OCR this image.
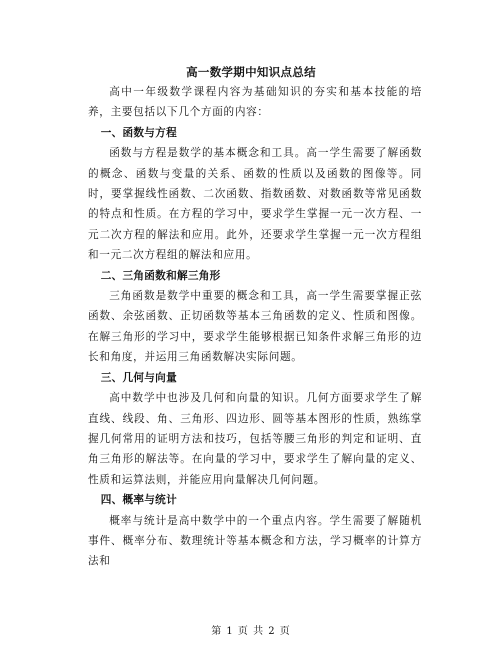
高一数学期中知识点总结

高中一年级数学课程内容为基础知识的夯实和基本技能的培养，主要包括以下几个方面的内容：

一、函数与方程

函数与方程是数学的基本概念和工具。高一学生需要了解函数的概念、函数与变量的关系、函数的性质以及函数的图像等。同时，要掌握线性函数、二次函数、指数函数、对数函数等常见函数的特点和性质。在方程的学习中，要求学生掌握一元一次方程、一元二次方程的解法和应用。此外，还要求学生掌握一元一次方程组和一元二次方程组的解法和应用。

二、三角函数和解三角形

三角函数是数学中重要的概念和工具，高一学生需要掌握正弦函数、余弦函数、正切函数等基本三角函数的定义、性质和图像。在解三角形的学习中，要求学生能够根据已知条件求解三角形的边长和角度，并运用三角函数解决实际问题。

三、几何与向量

高中数学中也涉及几何和向量的知识。几何方面要求学生了解直线、线段、角、三角形、四边形、圆等基本图形的性质，熟练掌握几何常用的证明方法和技巧，包括等腰三角形的判定和证明、直角三角形的解法等。在向量的学习中，要求学生了解向量的定义、性质和运算法则，并能应用向量解决几何问题。

四、概率与统计

概率与统计是高中数学中的一个重点内容。学生需要了解随机事件、概率分布、数理统计等基本概念和方法，学习概率的计算方法和

第 1 页 共 2 页
